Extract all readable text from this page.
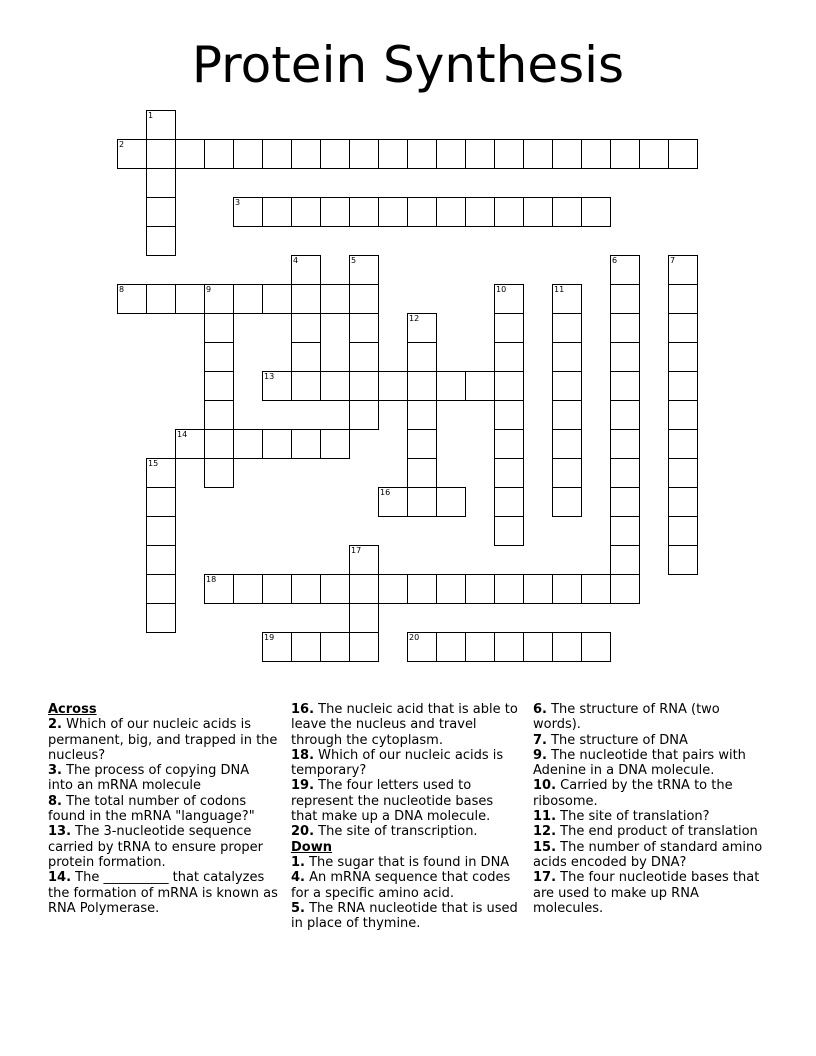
Protein Synthesis
1
2
3
4	5	6	7
8	9	10	11
12
13
14
15
16
17
18
19	20
Across
2. Which of our nucleic acids is permanent, big, and trapped in the nucleus?
3. The process of copying DNA into an mRNA molecule
8. The total number of codons found in the mRNA "language?"
13. The 3-nucleotide sequence carried by tRNA to ensure proper protein formation.
14. The __________ that catalyzes the formation of mRNA is known as RNA Polymerase.
16. The nucleic acid that is able to leave the nucleus and travel through the cytoplasm.
18. Which of our nucleic acids is temporary?
19. The four letters used to represent the nucleotide bases that make up a DNA molecule.
20. The site of transcription.
Down
1. The sugar that is found in DNA
4. An mRNA sequence that codes for a specific amino acid.
5. The RNA nucleotide that is used in place of thymine.
6. The structure of RNA (two words).
7. The structure of DNA
9. The nucleotide that pairs with Adenine in a DNA molecule.
10. Carried by the tRNA to the ribosome.
11. The site of translation?
12. The end product of translation
15. The number of standard amino acids encoded by DNA?
17. The four nucleotide bases that are used to make up RNA molecules.
